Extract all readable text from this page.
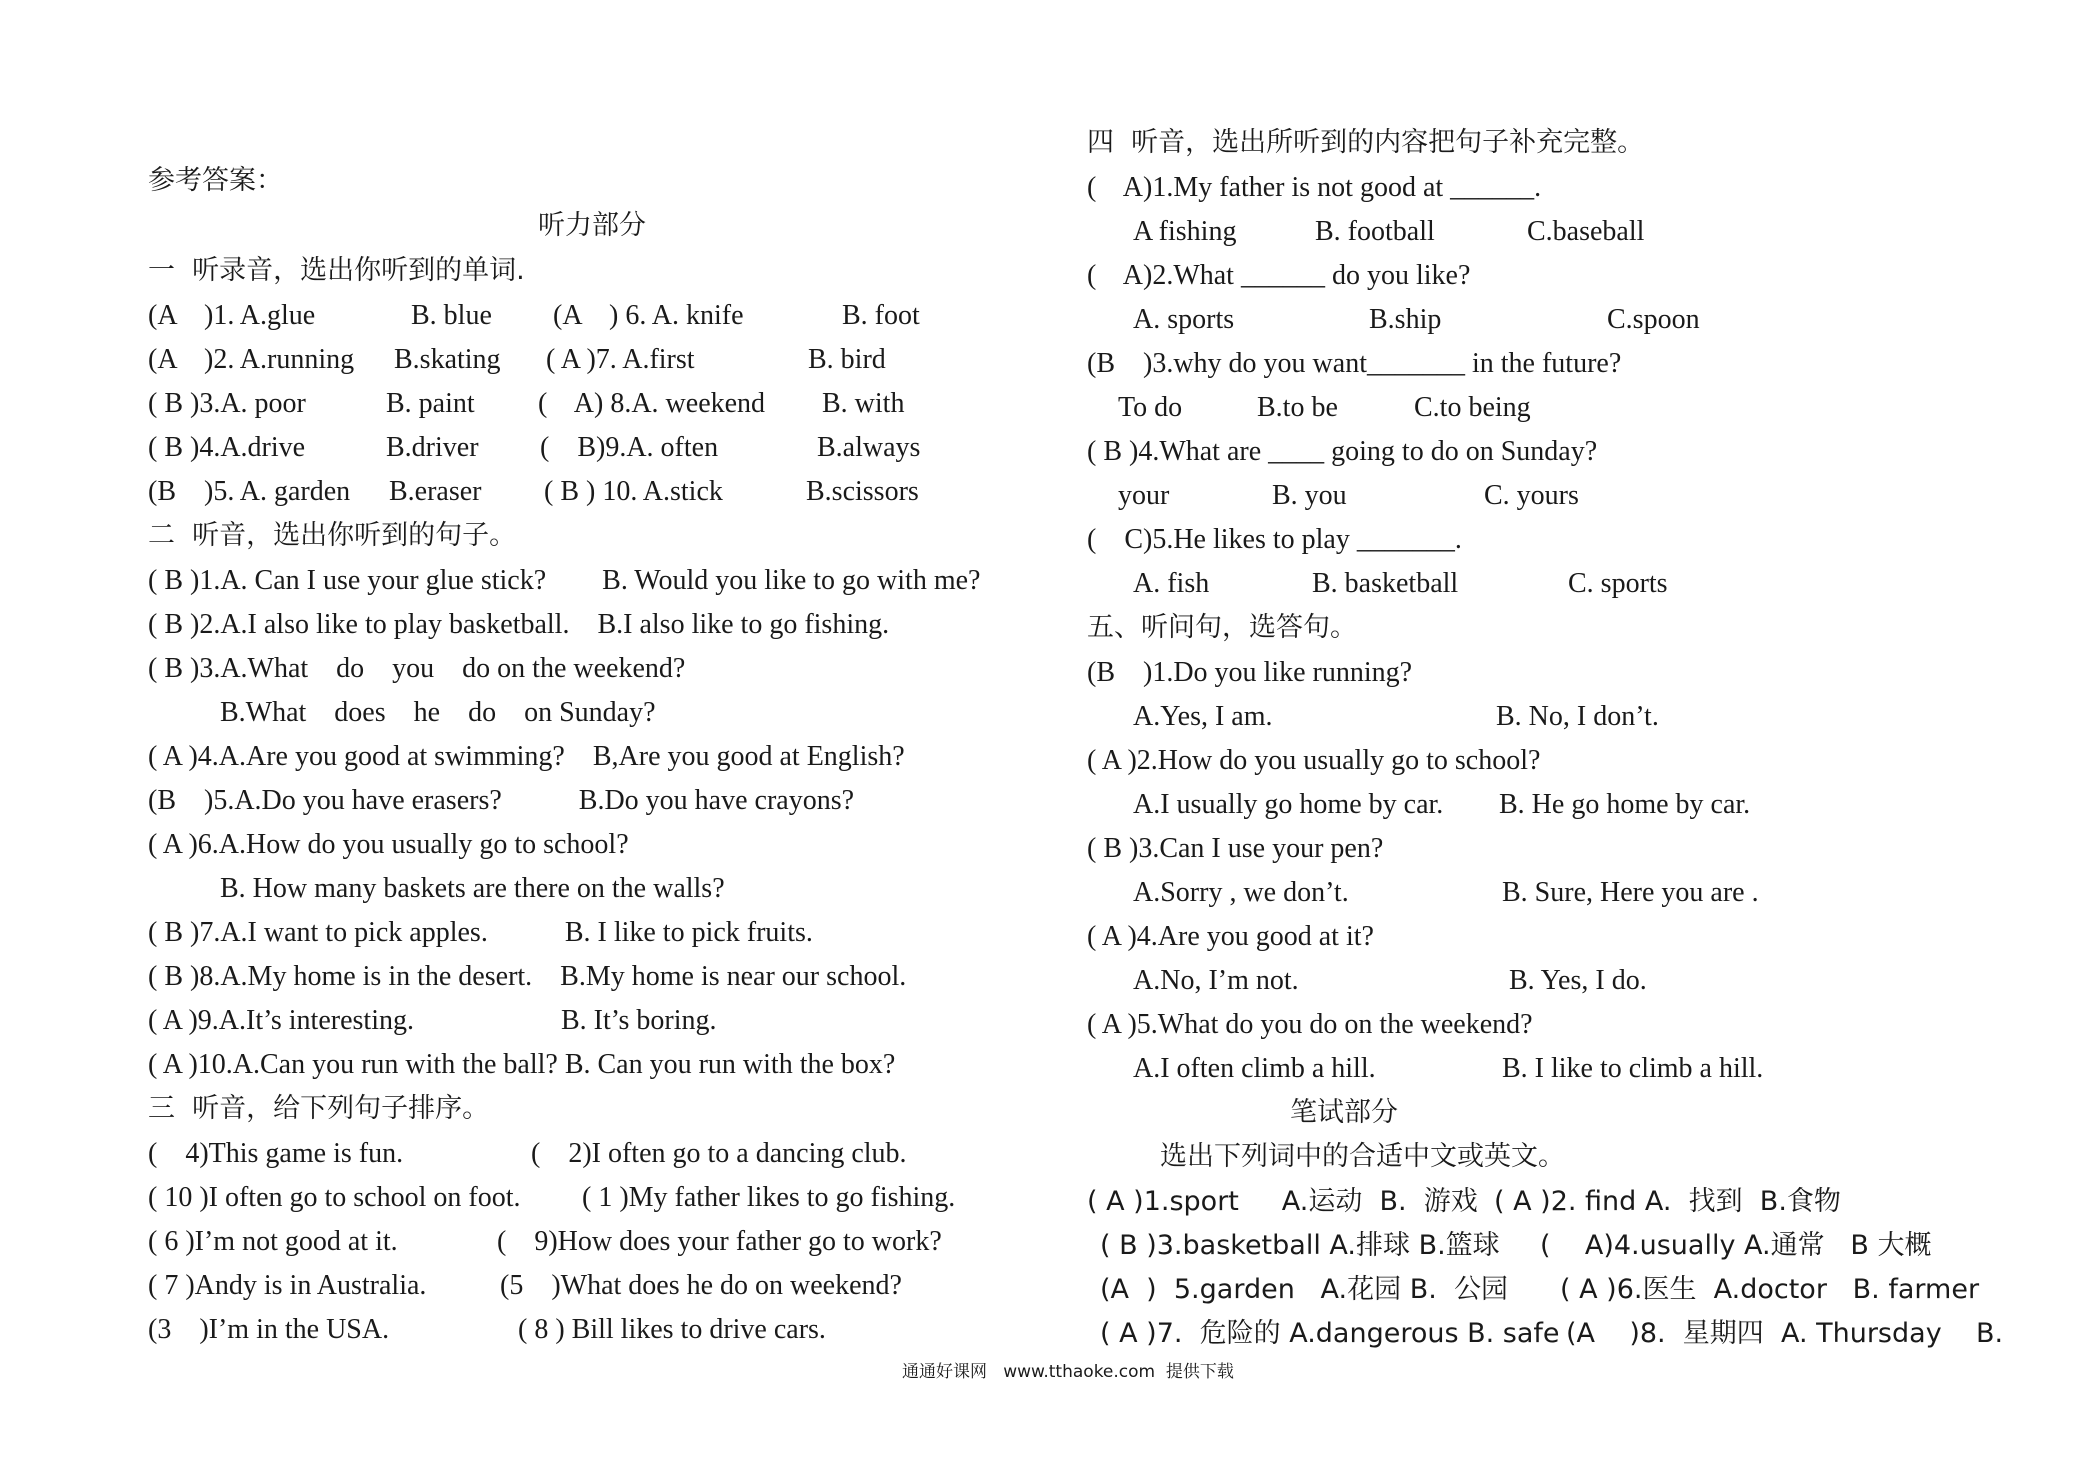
参考答案：
听力部分
一  听录音，选出你听到的单词.
(A    )1. A.glue	B. blue (A    ) 6. A. knife	B. foot
(A    )2. A.running B.skating ( A )7. A.first	B. bird
( B )3.A. poor	B. paint (    A) 8.A. weekend B. with
( B )4.A.drive	B.driver (    B)9.A. often	B.always
(B    )5. A. garden B.eraser ( B ) 10. A.stick	B.scissors
二  听音，选出你听到的句子。
( B )1.A. Can I use your glue stick?        B. Would you like to go with me?
( B )2.A.I also like to play basketball.    B.I also like to go fishing.
( B )3.A.What    do    you    do on the weekend?
B.What    does    he    do    on Sunday?
( A )4.A.Are you good at swimming?    B,Are you good at English?
(B    )5.A.Do you have erasers?           B.Do you have crayons?
( A )6.A.How do you usually go to school?
B. How many baskets are there on the walls?
( B )7.A.I want to pick apples.           B. I like to pick fruits.
( B )8.A.My home is in the desert.    B.My home is near our school.
( A )9.A.It’s interesting.                     B. It’s boring.
( A )10.A.Can you run with the ball? B. Can you run with the box?
三  听音，给下列句子排序。
(    4)This game is fun.	(    2)I often go to a dancing club.
( 10 )I often go to school on foot. ( 1 )My father likes to go fishing.
( 6 )I’m not good at it.	(    9)How does your father go to work?
( 7 )Andy is in Australia.	(5    )What does he do on weekend?
(3    )I’m in the USA.	( 8 ) Bill likes to drive cars.
四  听音，选出所听到的内容把句子补充完整。
(    A)1.My father is not good at ______.
A fishing	B. football	C.baseball
(    A)2.What ______ do you like?
A. sports	B.ship	C.spoon
(B    )3.why do you want_______ in the future?
To do	B.to be	C.to being
( B )4.What are ____ going to do on Sunday?
your	B. you	C. yours
(    C)5.He likes to play _______.
A. fish	B. basketball	C. sports
五、听问句，选答句。
(B    )1.Do you like running?
A.Yes, I am.	B. No, I don’t.
( A )2.How do you usually go to school?
A.I usually go home by car. B. He go home by car.
( B )3.Can I use your pen?
A.Sorry , we don’t.	B. Sure, Here you are .
( A )4.Are you good at it?
A.No, I’m not.	B. Yes, I do.
( A )5.What do you do on the weekend?
A.I often climb a hill.	B. I like to climb a hill.
笔试部分
选出下列词中的合适中文或英文。
( A )1.sport     A.运动  B.  游戏 ( A )2. find A.  找到  B.食物
( B )3.basketball A.排球 B.篮球 (    A)4.usually A.通常   B 大概
(A  )  5.garden   A.花园 B.  公园 ( A )6.医生  A.doctor   B. farmer
( A )7.  危险的 A.dangerous B. safe (A    )8.  星期四  A. Thursday    B.
通通好课网   www.tthaoke.com  提供下载
